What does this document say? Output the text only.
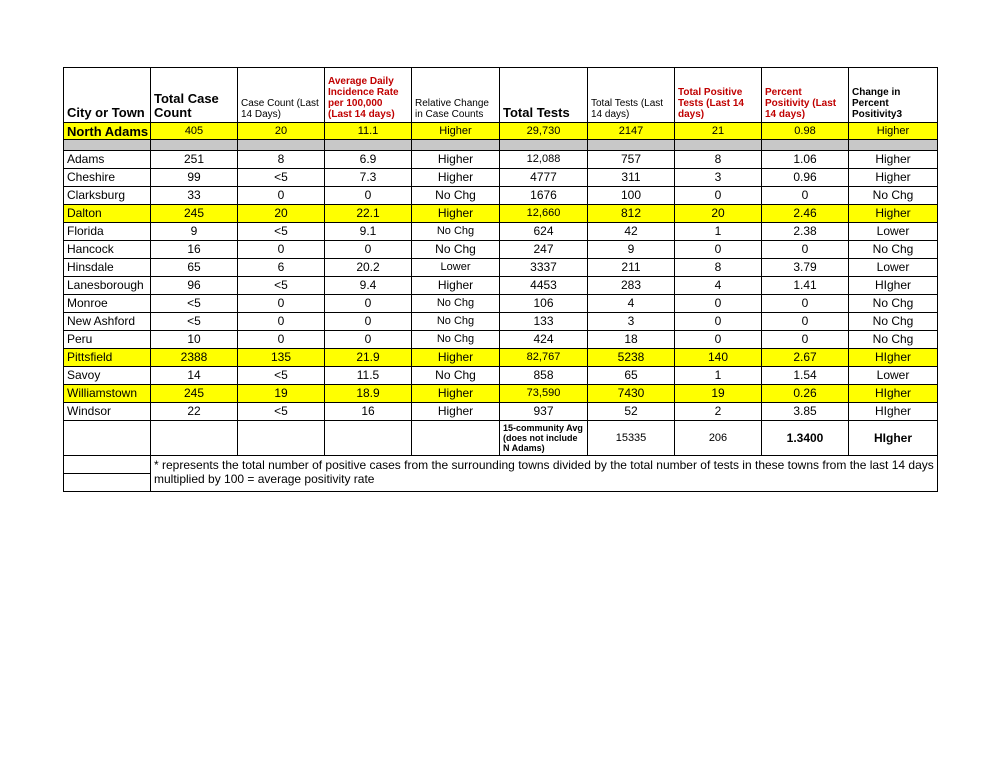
City or Town	Total Case Count	Case Count (Last 14 Days)	Average Daily Incidence Rate per 100,000 (Last 14 days)	Relative Change in Case Counts	Total Tests	Total Tests (Last 14 days)	Total Positive Tests (Last 14 days)	Percent Positivity (Last 14 days)	Change in Percent Positivity3
North Adams	405	20	11.1	Higher	29,730	2147	21	0.98	Higher

Adams	251	8	6.9	Higher	12,088	757	8	1.06	Higher
Cheshire	99	<5	7.3	Higher	4777	311	3	0.96	Higher
Clarksburg	33	0	0	No Chg	1676	100	0	0	No Chg
Dalton	245	20	22.1	Higher	12,660	812	20	2.46	Higher
Florida	9	<5	9.1	No Chg	624	42	1	2.38	Lower
Hancock	16	0	0	No Chg	247	9	0	0	No Chg
Hinsdale	65	6	20.2	Lower	3337	211	8	3.79	Lower
Lanesborough	96	<5	9.4	Higher	4453	283	4	1.41	HIgher
Monroe	<5	0	0	No Chg	106	4	0	0	No Chg
New Ashford	<5	0	0	No Chg	133	3	0	0	No Chg
Peru	10	0	0	No Chg	424	18	0	0	No Chg
Pittsfield	2388	135	21.9	Higher	82,767	5238	140	2.67	HIgher
Savoy	14	<5	11.5	No Chg	858	65	1	1.54	Lower
Williamstown	245	19	18.9	Higher	73,590	7430	19	0.26	HIgher
Windsor	22	<5	16	Higher	937	52	2	3.85	HIgher
					15-community Avg (does not include N Adams)	15335	206	1.3400	HIgher
	* represents the total number of positive cases from the surrounding towns divided by the total number of tests in these towns from the last 14 days multiplied by 100 = average positivity rate								
